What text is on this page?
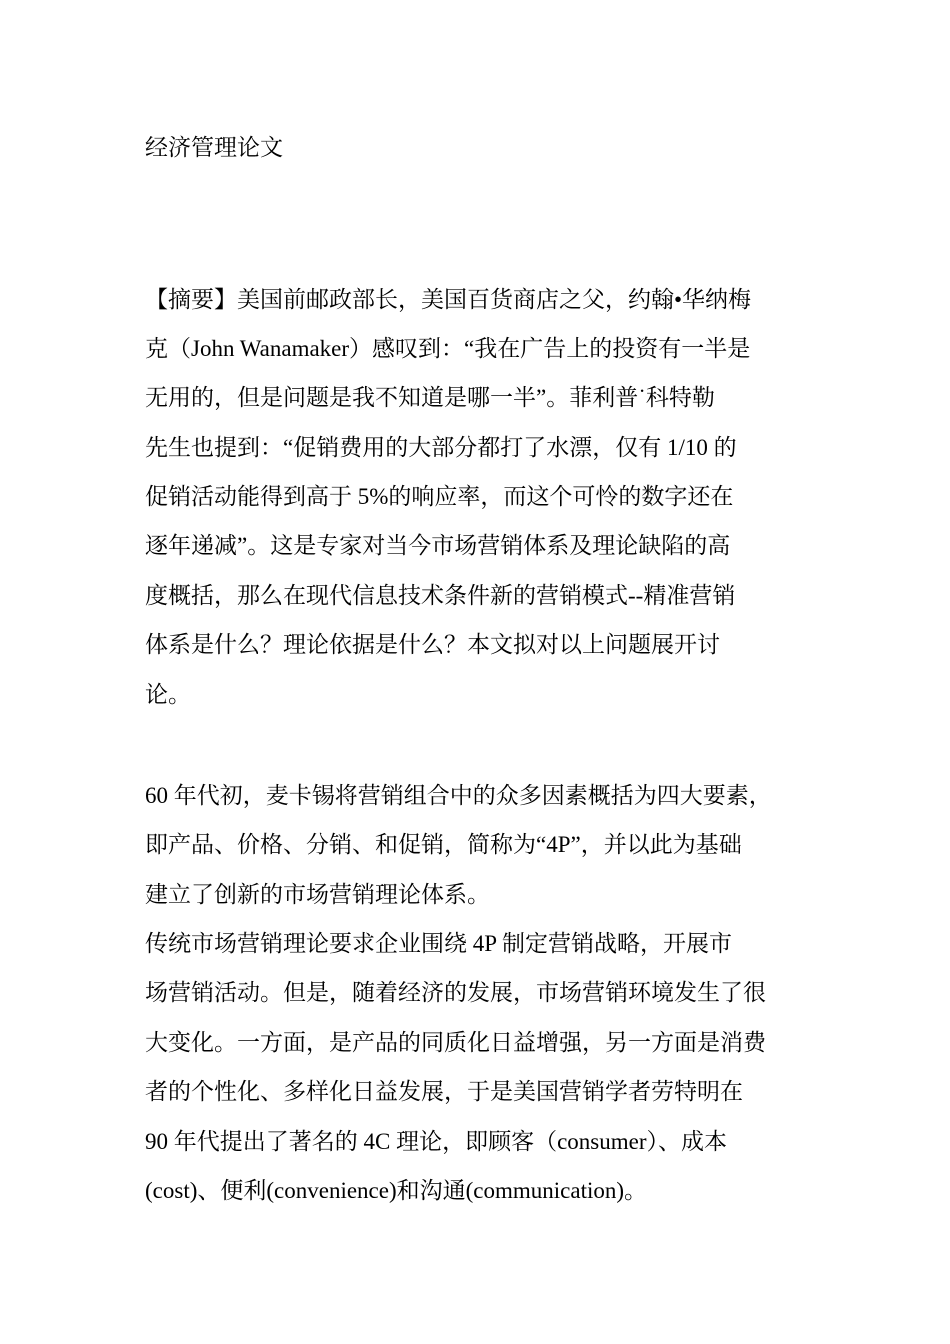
经济管理论文

【摘要】美国前邮政部长，美国百货商店之父，约翰•华纳梅

克（John Wanamaker）感叹到：“我在广告上的投资有一半是

无用的，但是问题是我不知道是哪一半”。菲利普˙科特勒

先生也提到：“促销费用的大部分都打了水漂，仅有 1/10 的

促销活动能得到高于 5%的响应率，而这个可怜的数字还在

逐年递减”。这是专家对当今市场营销体系及理论缺陷的高

度概括，那么在现代信息技术条件新的营销模式--精准营销

体系是什么？理论依据是什么？本文拟对以上问题展开讨

论。

60 年代初，麦卡锡将营销组合中的众多因素概括为四大要素，

即产品、价格、分销、和促销，简称为“4P”，并以此为基础

建立了创新的市场营销理论体系。

传统市场营销理论要求企业围绕 4P 制定营销战略，开展市

场营销活动。但是，随着经济的发展，市场营销环境发生了很

大变化。一方面，是产品的同质化日益增强，另一方面是消费

者的个性化、多样化日益发展，于是美国营销学者劳特明在

90 年代提出了著名的 4C 理论，即顾客（consumer）、成本

(cost)、便利(convenience)和沟通(communication)。
